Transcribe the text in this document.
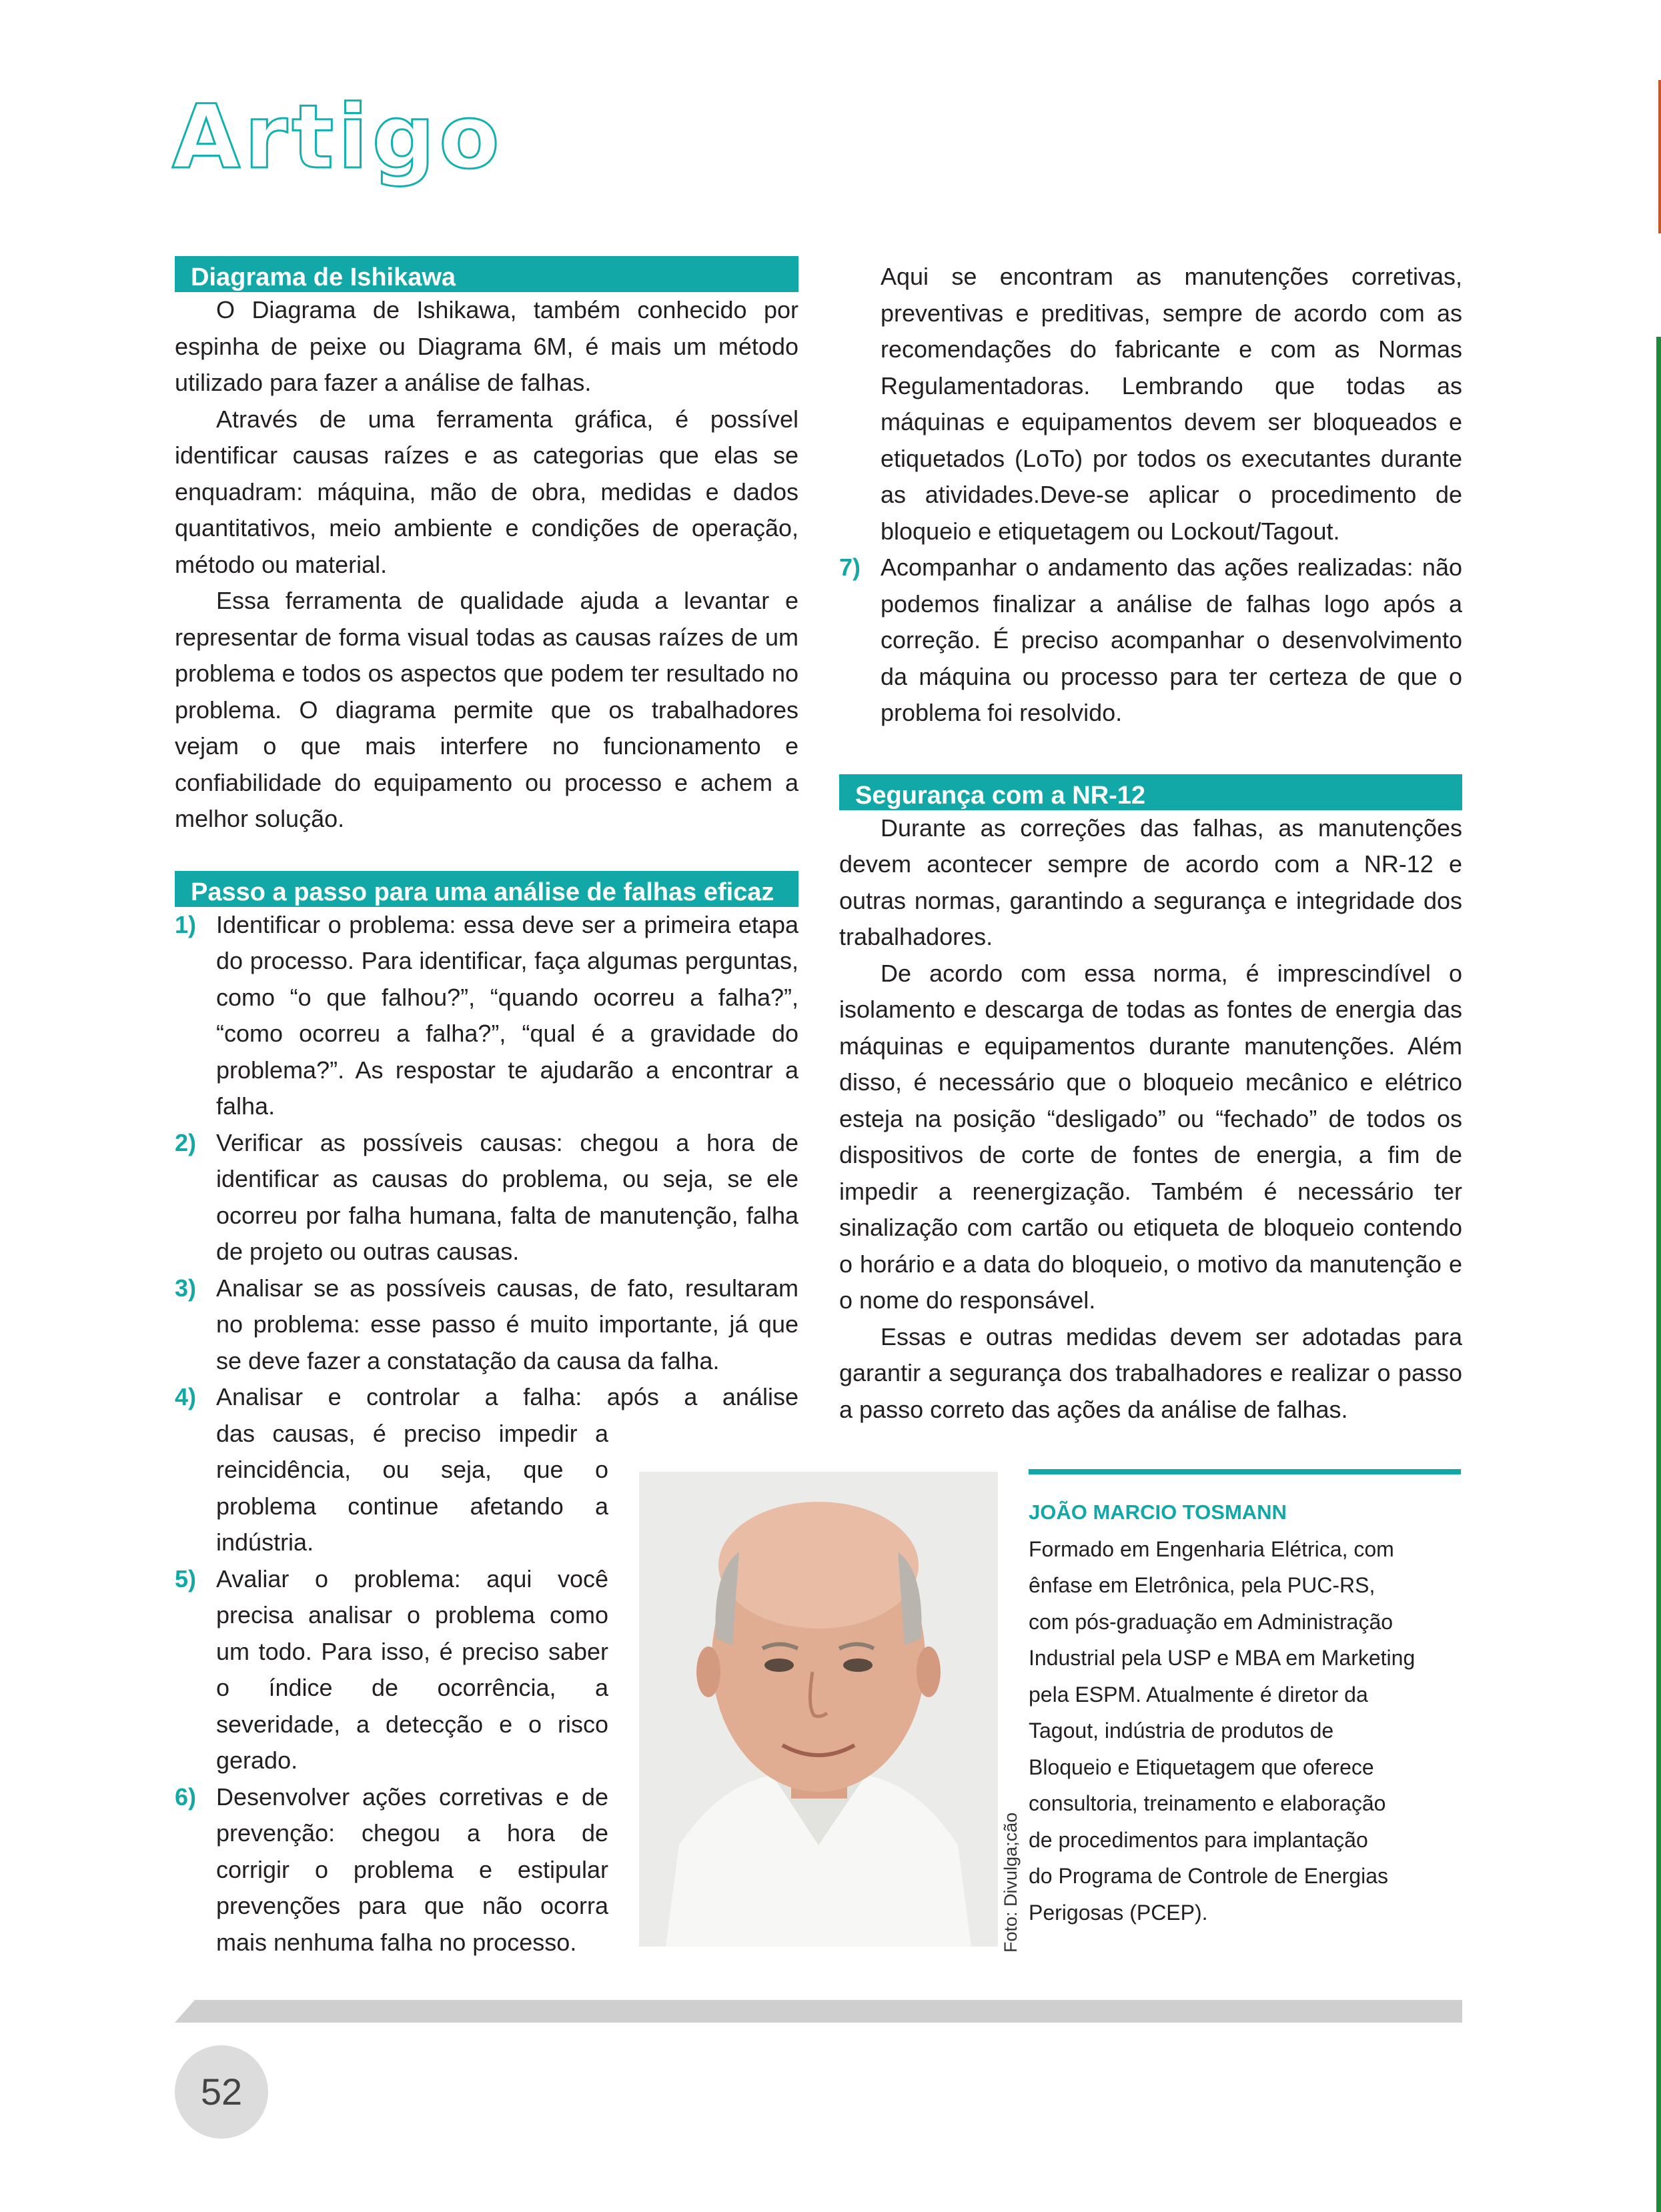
Artigo
Diagrama de Ishikawa

O Diagrama de Ishikawa, também conhecido por espinha de peixe ou Diagrama 6M, é mais um método utilizado para fazer a análise de falhas.

Através de uma ferramenta gráfica, é possível identificar causas raízes e as categorias que elas se enquadram: máquina, mão de obra, medidas e dados quantitativos, meio ambiente e condições de operação, método ou material.

Essa ferramenta de qualidade ajuda a levantar e representar de forma visual todas as causas raízes de um problema e todos os aspectos que podem ter resultado no problema. O diagrama permite que os trabalhadores vejam o que mais interfere no funcionamento e confiabilidade do equipamento ou processo e achem a melhor solução.

Passo a passo para uma análise de falhas eficaz
1) Identificar o problema: essa deve ser a primeira etapa do processo. Para identificar, faça algumas perguntas, como “o que falhou?”, “quando ocorreu a falha?”, “como ocorreu a falha?”, “qual é a gravidade do problema?”. As respostar te ajudarão a encontrar a falha.
2) Verificar as possíveis causas: chegou a hora de identificar as causas do problema, ou seja, se ele ocorreu por falha humana, falta de manutenção, falha de projeto ou outras causas.
3) Analisar se as possíveis causas, de fato, resultaram no problema: esse passo é muito importante, já que se deve fazer a constatação da causa da falha.
4) Analisar e controlar a falha: após a análise
das causas, é preciso impedir a reincidência, ou seja, que o problema continue afetando a indústria.
5) Avaliar o problema: aqui você precisa analisar o problema como um todo. Para isso, é preciso saber o índice de ocorrência, a severidade, a detecção e o risco gerado.
6) Desenvolver ações corretivas e de prevenção: chegou a hora de corrigir o problema e estipular prevenções para que não ocorra mais nenhuma falha no processo.
Aqui se encontram as manutenções corretivas, preventivas e preditivas, sempre de acordo com as recomendações do fabricante e com as Normas Regulamentadoras. Lembrando que todas as máquinas e equipamentos devem ser bloqueados e etiquetados (LoTo) por todos os executantes durante as atividades.Deve-se aplicar o procedimento de bloqueio e etiquetagem ou Lockout/Tagout.
7) Acompanhar o andamento das ações realizadas: não podemos finalizar a análise de falhas logo após a correção. É preciso acompanhar o desenvolvimento da máquina ou processo para ter certeza de que o problema foi resolvido.
Segurança com a NR-12

Durante as correções das falhas, as manutenções devem acontecer sempre de acordo com a NR-12 e outras normas, garantindo a segurança e integridade dos trabalhadores.

De acordo com essa norma, é imprescindível o isolamento e descarga de todas as fontes de energia das máquinas e equipamentos durante manutenções. Além disso, é necessário que o bloqueio mecânico e elétrico esteja na posição “desligado” ou “fechado” de todos os dispositivos de corte de fontes de energia, a fim de impedir a reenergização. Também é necessário ter sinalização com cartão ou etiqueta de bloqueio contendo o horário e a data do bloqueio, o motivo da manutenção e o nome do responsável.

Essas e outras medidas devem ser adotadas para garantir a segurança dos trabalhadores e realizar o passo a passo correto das ações da análise de falhas.

Foto: Divulga;cão
JOÃO MARCIO TOSMANN
Formado em Engenharia Elétrica, com
ênfase em Eletrônica, pela PUC-RS,
com pós-graduação em Administração
Industrial pela USP e MBA em Marketing
pela ESPM. Atualmente é diretor da
Tagout, indústria de produtos de
Bloqueio e Etiquetagem que oferece
consultoria, treinamento e elaboração
de procedimentos para implantação
do Programa de Controle de Energias
Perigosas (PCEP).
52
